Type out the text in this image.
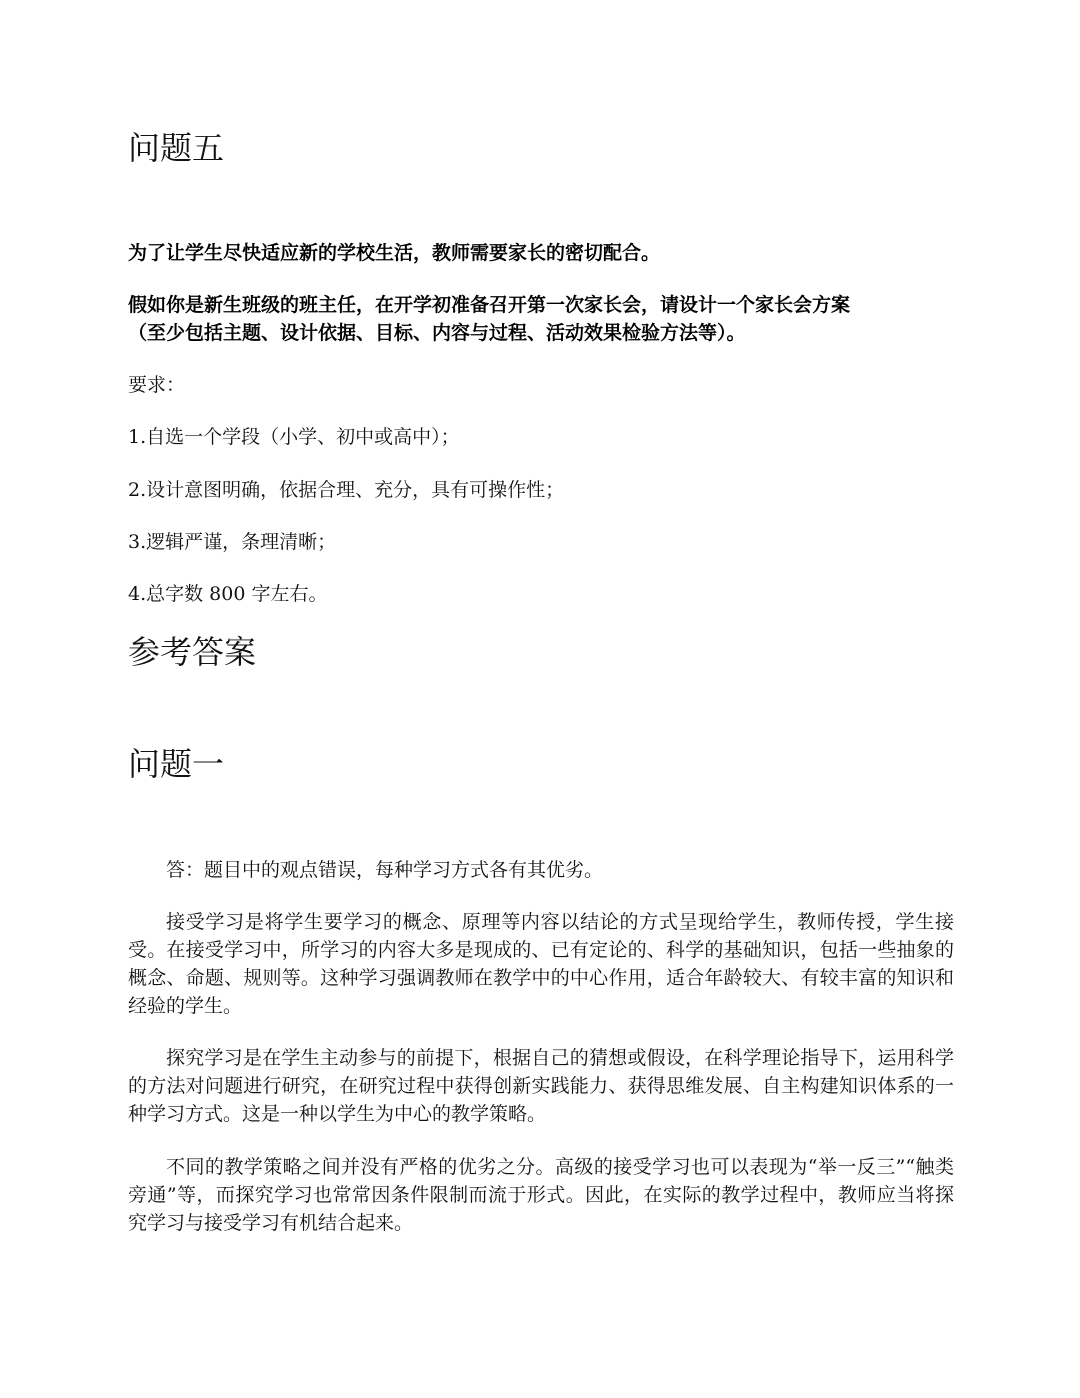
问题五

为了让学生尽快适应新的学校生活，教师需要家长的密切配合。

假如你是新生班级的班主任，在开学初准备召开第一次家长会，请设计一个家长会方案

（至少包括主题、设计依据、目标、内容与过程、活动效果检验方法等）。

要求：

1.自选一个学段（小学、初中或高中）；

2.设计意图明确，依据合理、充分，具有可操作性；

3.逻辑严谨，条理清晰；

4.总字数 800 字左右。

参考答案
问题一

答：题目中的观点错误，每种学习方式各有其优劣。

接受学习是将学生要学习的概念、原理等内容以结论的方式呈现给学生，教师传授，学生接受。在接受学习中，所学习的内容大多是现成的、已有定论的、科学的基础知识，包括一些抽象的概念、命题、规则等。这种学习强调教师在教学中的中心作用，适合年龄较大、有较丰富的知识和经验的学生。

探究学习是在学生主动参与的前提下，根据自己的猜想或假设，在科学理论指导下，运用科学的方法对问题进行研究，在研究过程中获得创新实践能力、获得思维发展、自主构建知识体系的一种学习方式。这是一种以学生为中心的教学策略。

不同的教学策略之间并没有严格的优劣之分。高级的接受学习也可以表现为“举一反三”“触类旁通”等，而探究学习也常常因条件限制而流于形式。因此，在实际的教学过程中，教师应当将探究学习与接受学习有机结合起来。
